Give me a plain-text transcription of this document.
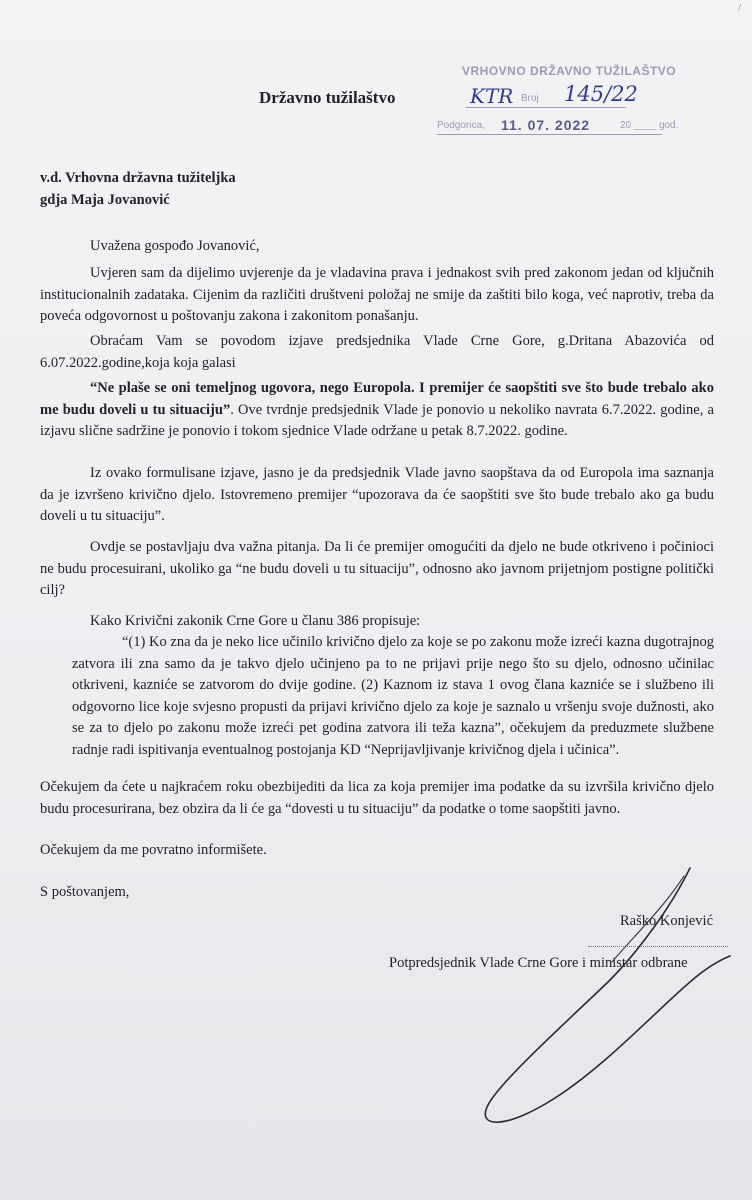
/
Državno tužilaštvo
VRHOVNO DRŽAVNO TUŽILAŠTVO
Broj
Podgorica, 11. 07. 2022	20 ____ god.
KTR 145/22
v.d. Vrhovna državna tužiteljka
gdja Maja Jovanović
Uvažena gospođo Jovanović,
Uvjeren sam da dijelimo uvjerenje da je vladavina prava i jednakost svih pred zakonom jedan od ključnih institucionalnih zadataka. Cijenim da različiti društveni položaj ne smije da zaštiti bilo koga, već naprotiv, treba da poveća odgovornost u poštovanju zakona i zakonitom ponašanju.
Obraćam Vam se povodom izjave predsjednika Vlade Crne Gore, g.Dritana Abazovića od 6.07.2022.godine,koja koja galasi
“Ne plaše se oni temeljnog ugovora, nego Europola. I premijer će saopštiti sve što bude trebalo ako me budu doveli u tu situaciju”. Ove tvrdnje predsjednik Vlade je ponovio u nekoliko navrata 6.7.2022. godine, a izjavu slične sadržine je ponovio i tokom sjednice Vlade održane u petak 8.7.2022. godine.
Iz ovako formulisane izjave, jasno je da predsjednik Vlade javno saopštava da od Europola ima saznanja da je izvršeno krivično djelo. Istovremeno premijer “upozorava da će saopštiti sve što bude trebalo ako ga budu doveli u tu situaciju”.
Ovdje se postavljaju dva važna pitanja. Da li će premijer omogućiti da djelo ne bude otkriveno i počinioci ne budu procesuirani, ukoliko ga “ne budu doveli u tu situaciju”, odnosno ako javnom prijetnjom postigne politički cilj?
Kako Krivični zakonik Crne Gore u članu 386 propisuje:
“(1) Ko zna da je neko lice učinilo krivično djelo za koje se po zakonu može izreći kazna dugotrajnog zatvora ili zna samo da je takvo djelo učinjeno pa to ne prijavi prije nego što su djelo, odnosno učinilac otkriveni, kazniće se zatvorom do dvije godine. (2) Kaznom iz stava 1 ovog člana kazniće se i službeno ili odgovorno lice koje svjesno propusti da prijavi krivično djelo za koje je saznalo u vršenju svoje dužnosti, ako se za to djelo po zakonu može izreći pet godina zatvora ili teža kazna”, očekujem da preduzmete službene radnje radi ispitivanja eventualnog postojanja KD “Neprijavljivanje krivičnog djela i učinica”.
Očekujem da ćete u najkraćem roku obezbijediti da lica za koja premijer ima podatke da su izvršila krivično djelo budu procesurirana, bez obzira da li će ga “dovesti u tu situaciju” da podatke o tome saopštiti javno.
Očekujem da me povratno informišete.
S poštovanjem,
Raško Konjević
Potpredsjednik Vlade Crne Gore i ministar odbrane
